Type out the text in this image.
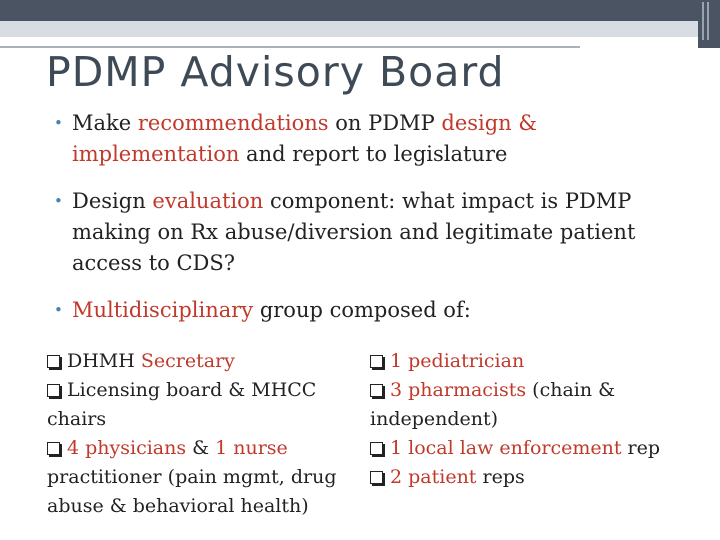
PDMP Advisory Board
• Make recommendations on PDMP design & implementation and report to legislature
• Design evaluation component: what impact is PDMP making on Rx abuse/diversion and legitimate patient access to CDS?
• Multidisciplinary group composed of:

DHMH Secretary

Licensing board & MHCC chairs

4 physicians & 1 nurse practitioner (pain mgmt, drug abuse & behavioral health)

1 pediatrician

3 pharmacists (chain & independent)

1 local law enforcement rep

2 patient reps
